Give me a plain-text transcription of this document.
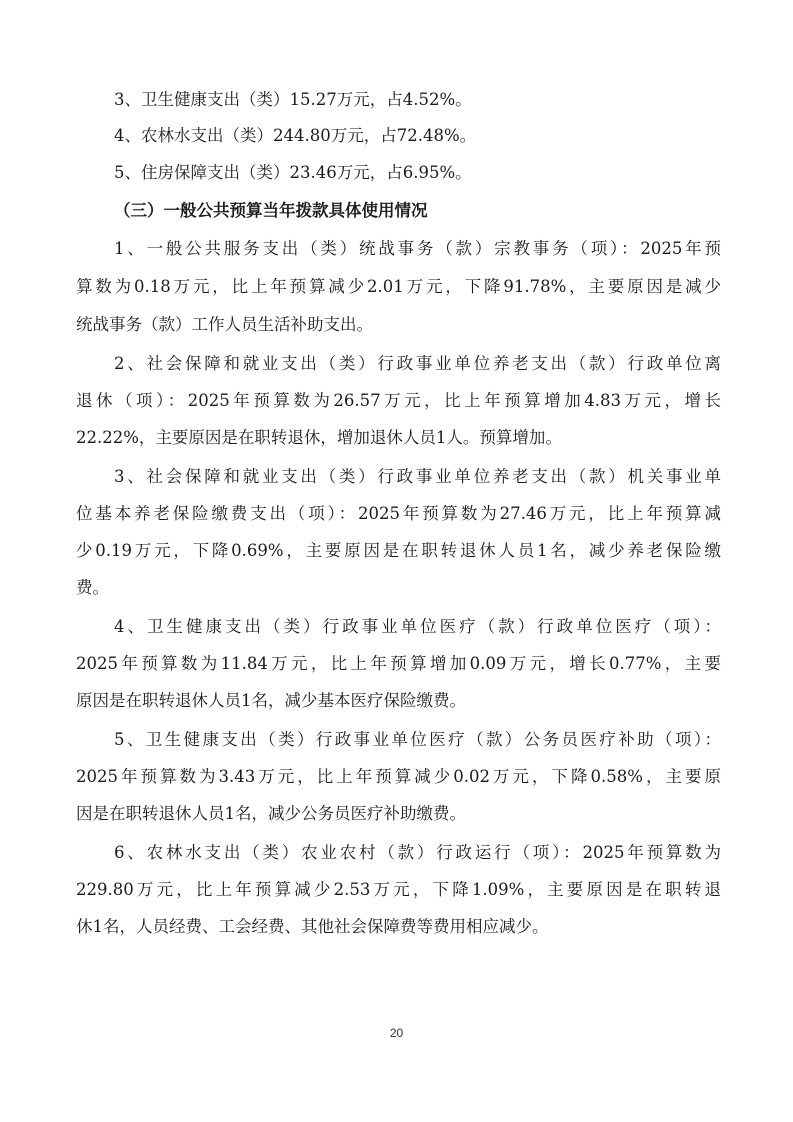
3、卫生健康支出（类）15.27万元，占4.52%。
4、农林水支出（类）244.80万元，占72.48%。
5、住房保障支出（类）23.46万元，占6.95%。
（三）一般公共预算当年拨款具体使用情况
1、一般公共服务支出（类）统战事务（款）宗教事务（项）：2025年预
算数为0.18万元，比上年预算减少2.01万元，下降91.78%，主要原因是减少
统战事务（款）工作人员生活补助支出。
2、社会保障和就业支出（类）行政事业单位养老支出（款）行政单位离
退休（项）：2025年预算数为26.57万元，比上年预算增加4.83万元，增长
22.22%，主要原因是在职转退休，增加退休人员1人。预算增加。
3、社会保障和就业支出（类）行政事业单位养老支出（款）机关事业单
位基本养老保险缴费支出（项）：2025年预算数为27.46万元，比上年预算减
少0.19万元，下降0.69%，主要原因是在职转退休人员1名，减少养老保险缴
费。
4、卫生健康支出（类）行政事业单位医疗（款）行政单位医疗（项）：
2025年预算数为11.84万元，比上年预算增加0.09万元，增长0.77%，主要
原因是在职转退休人员1名，减少基本医疗保险缴费。
5、卫生健康支出（类）行政事业单位医疗（款）公务员医疗补助（项）：
2025年预算数为3.43万元，比上年预算减少0.02万元，下降0.58%，主要原
因是在职转退休人员1名，减少公务员医疗补助缴费。
6、农林水支出（类）农业农村（款）行政运行（项）：2025年预算数为
229.80万元，比上年预算减少2.53万元，下降1.09%，主要原因是在职转退
休1名，人员经费、工会经费、其他社会保障费等费用相应减少。
20
